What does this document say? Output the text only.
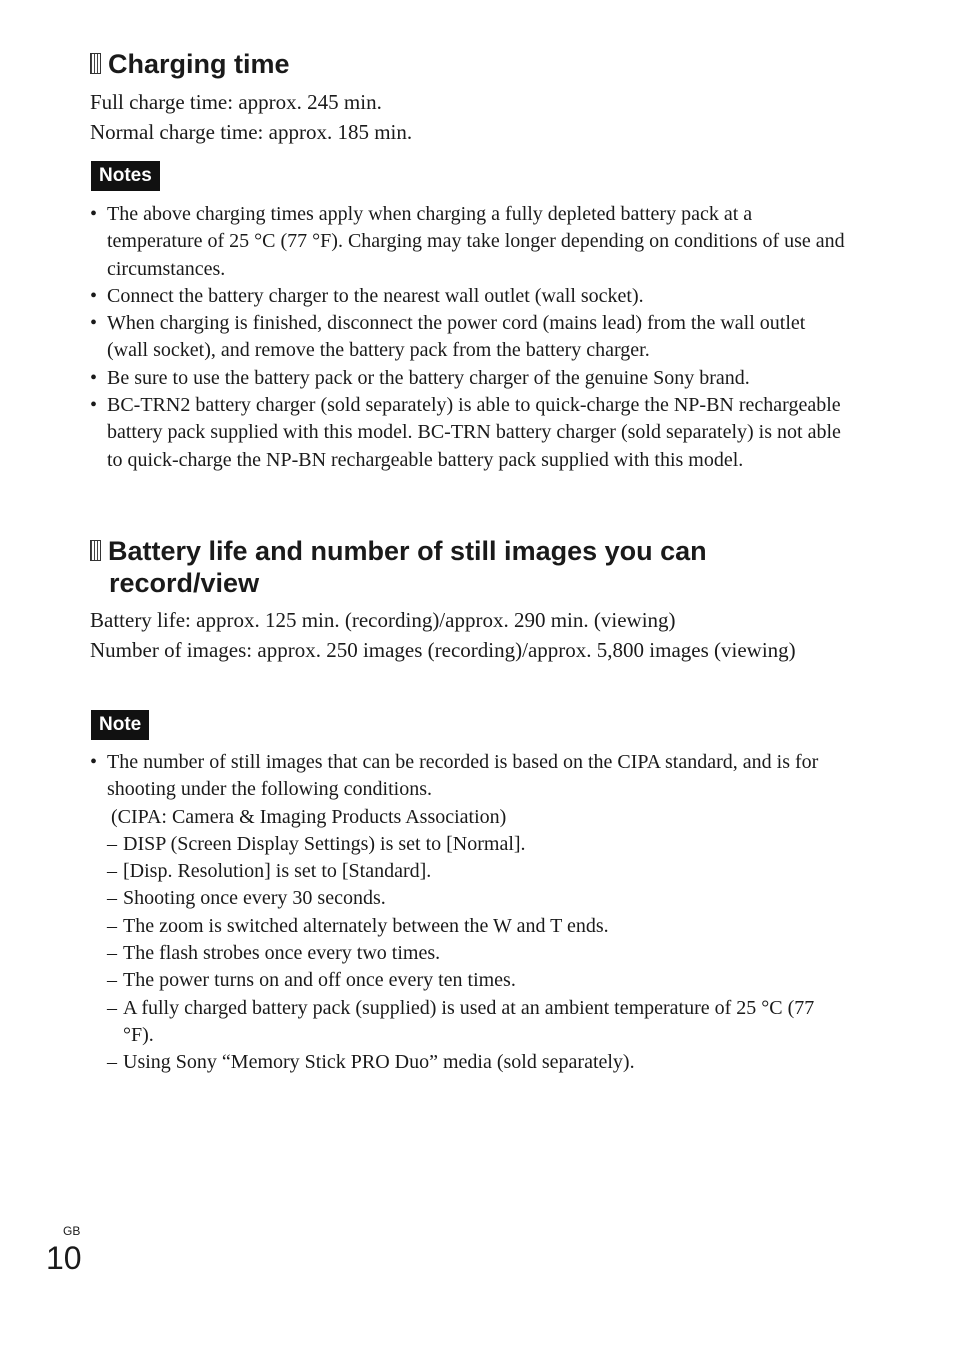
Charging time

Full charge time: approx. 245 min.

Normal charge time: approx. 185 min.

Notes
• The above charging times apply when charging a fully depleted battery pack at a temperature of 25 °C (77 °F). Charging may take longer depending on conditions of use and circumstances.
• Connect the battery charger to the nearest wall outlet (wall socket).
• When charging is finished, disconnect the power cord (mains lead) from the wall outlet (wall socket), and remove the battery pack from the battery charger.
• Be sure to use the battery pack or the battery charger of the genuine Sony brand.
• BC-TRN2 battery charger (sold separately) is able to quick-charge the NP-BN rechargeable battery pack supplied with this model. BC-TRN battery charger (sold separately) is not able to quick-charge the NP-BN rechargeable battery pack supplied with this model.
Battery life and number of still images you can
record/view

Battery life: approx. 125 min. (recording)/approx. 290 min. (viewing)

Number of images: approx. 250 images (recording)/approx. 5,800 images (viewing)

Note
• The number of still images that can be recorded is based on the CIPA standard, and is for shooting under the following conditions.
(CIPA: Camera & Imaging Products Association)
– DISP (Screen Display Settings) is set to [Normal].
– [Disp. Resolution] is set to [Standard].
– Shooting once every 30 seconds.
– The zoom is switched alternately between the W and T ends.
– The flash strobes once every two times.
– The power turns on and off once every ten times.
– A fully charged battery pack (supplied) is used at an ambient temperature of 25 °C (77 °F).
– Using Sony “Memory Stick PRO Duo” media (sold separately).
GB
10
